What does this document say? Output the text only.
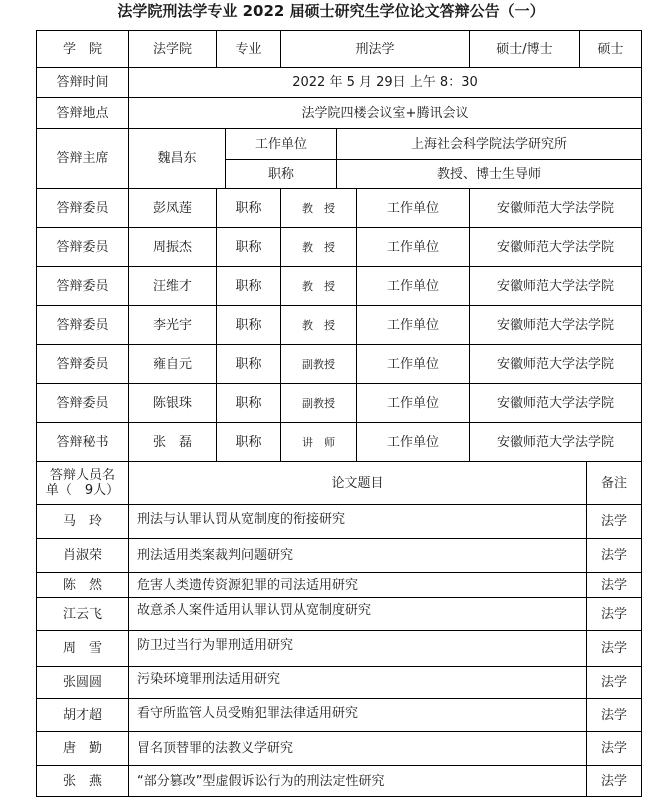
法学院刑法学专业 2022 届硕士研究生学位论文答辩公告（一）
学　院	法学院	专业	刑法学	硕士/博士	硕士
答辩时间	2022 年 5 月 29日 上午 8：30
答辩地点	法学院四楼会议室+腾讯会议
答辩主席	魏昌东
工作单位	上海社会科学院法学研究所
职称	教授、博士生导师
答辩委员	彭凤莲	职称	教　授	工作单位	安徽师范大学法学院
答辩委员	周振杰	职称	教　授	工作单位	安徽师范大学法学院
答辩委员	汪维才	职称	教　授	工作单位	安徽师范大学法学院
答辩委员	李光宇	职称	教　授	工作单位	安徽师范大学法学院
答辩委员	雍自元	职称	副教授	工作单位	安徽师范大学法学院
答辩委员	陈银珠	职称	副教授	工作单位	安徽师范大学法学院
答辩秘书	张　磊	职称	讲　师	工作单位	安徽师范大学法学院
答辩人员名
单（　9人）	论文题目	备注
马　玲	刑法与认罪认罚从宽制度的衔接研究	法学
肖淑荣	刑法适用类案裁判问题研究	法学
陈　然	危害人类遗传资源犯罪的司法适用研究	法学
江云飞	故意杀人案件适用认罪认罚从宽制度研究	法学
周　雪	防卫过当行为罪刑适用研究	法学
张圆圆	污染环境罪刑法适用研究	法学
胡才超	看守所监管人员受贿犯罪法律适用研究	法学
唐　勤	冒名顶替罪的法教义学研究	法学
张　燕	“部分篡改”型虚假诉讼行为的刑法定性研究	法学
